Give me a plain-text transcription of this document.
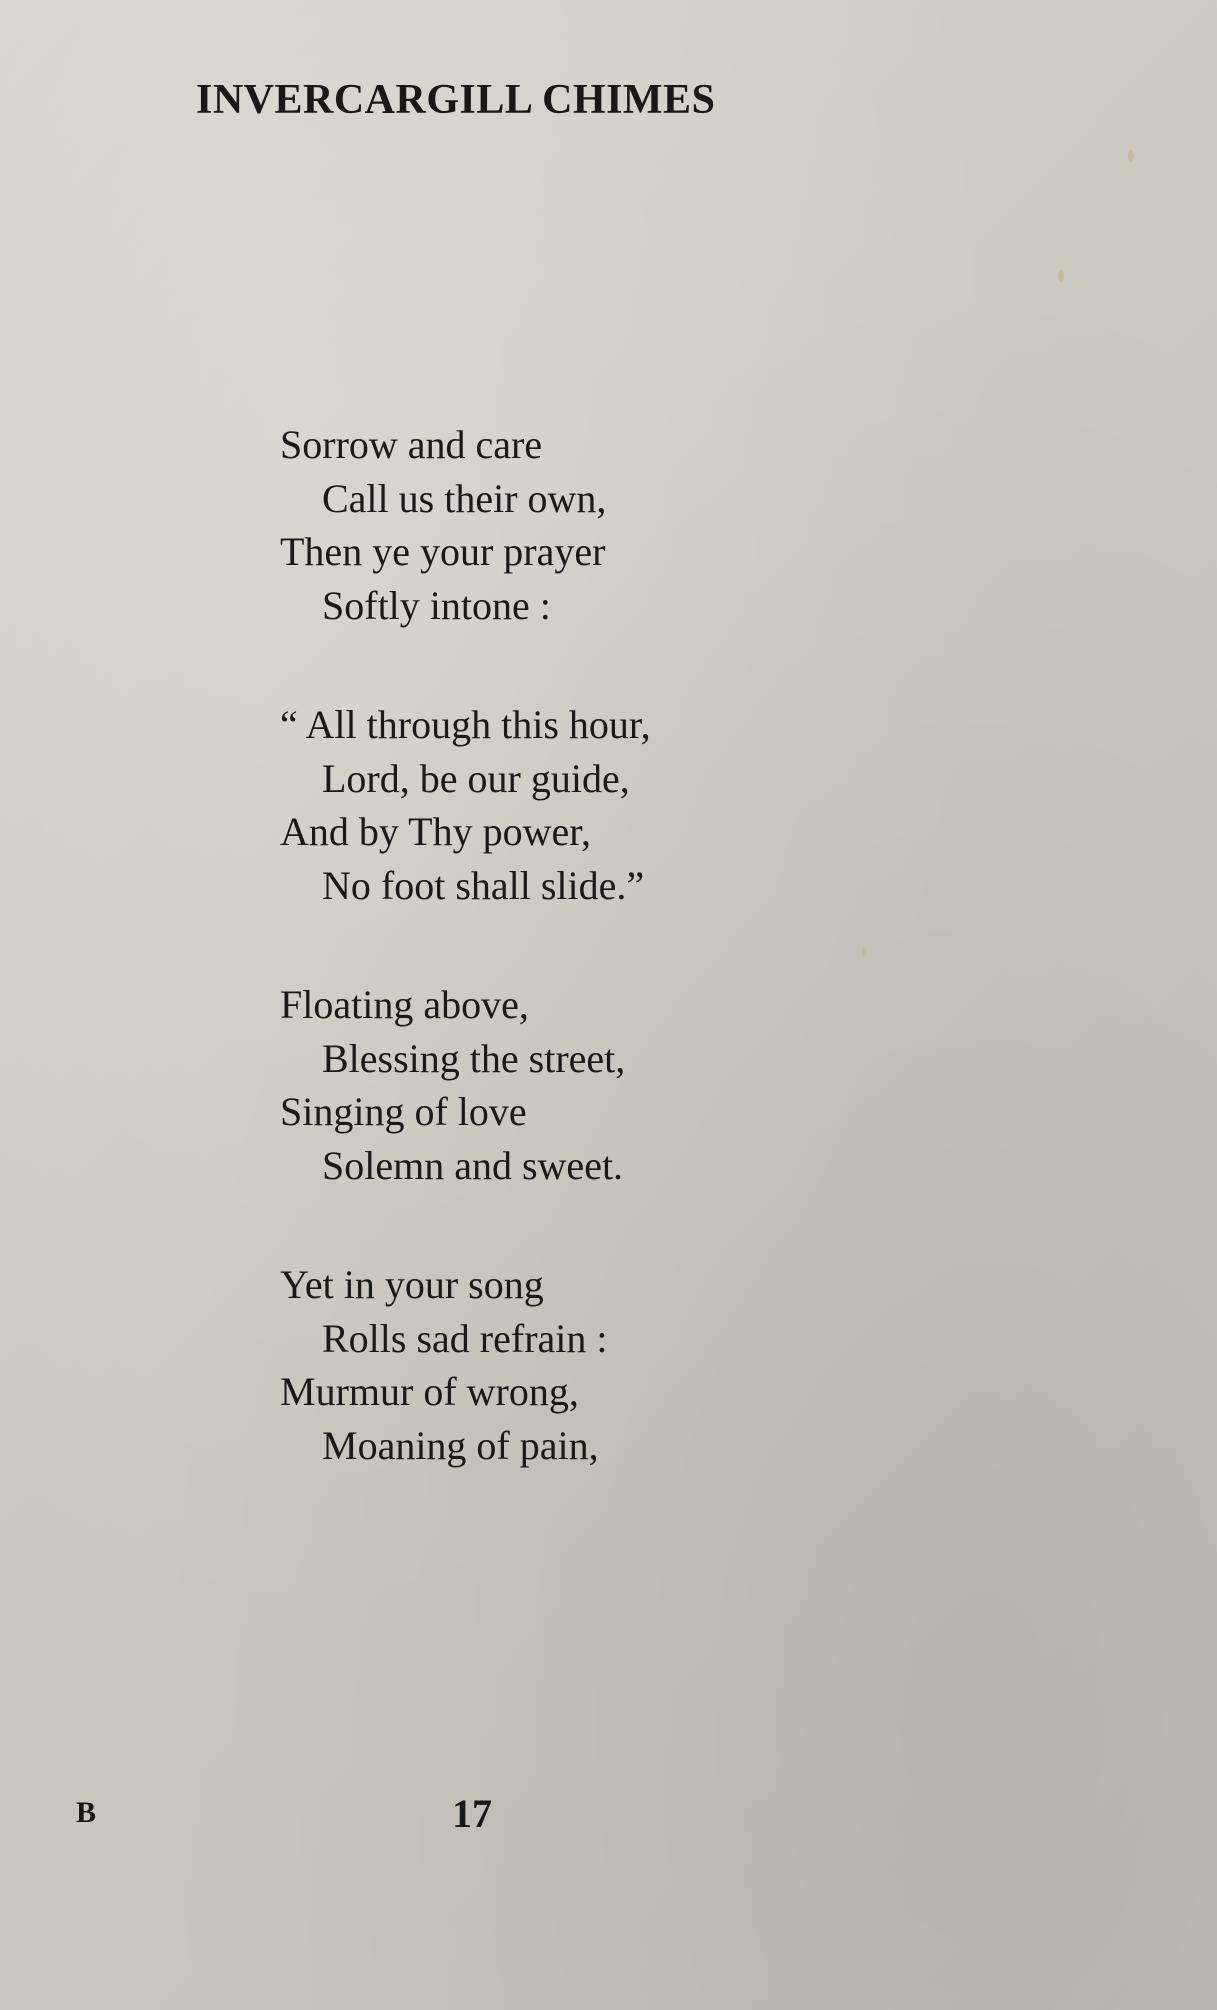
INVERCARGILL CHIMES
Sorrow and care
Call us their own,
Then ye your prayer
Softly intone :
“ All through this hour,
Lord, be our guide,
And by Thy power,
No foot shall slide.”
Floating above,
Blessing the street,
Singing of love
Solemn and sweet.
Yet in your song
Rolls sad refrain :
Murmur of wrong,
Moaning of pain,
B	17
